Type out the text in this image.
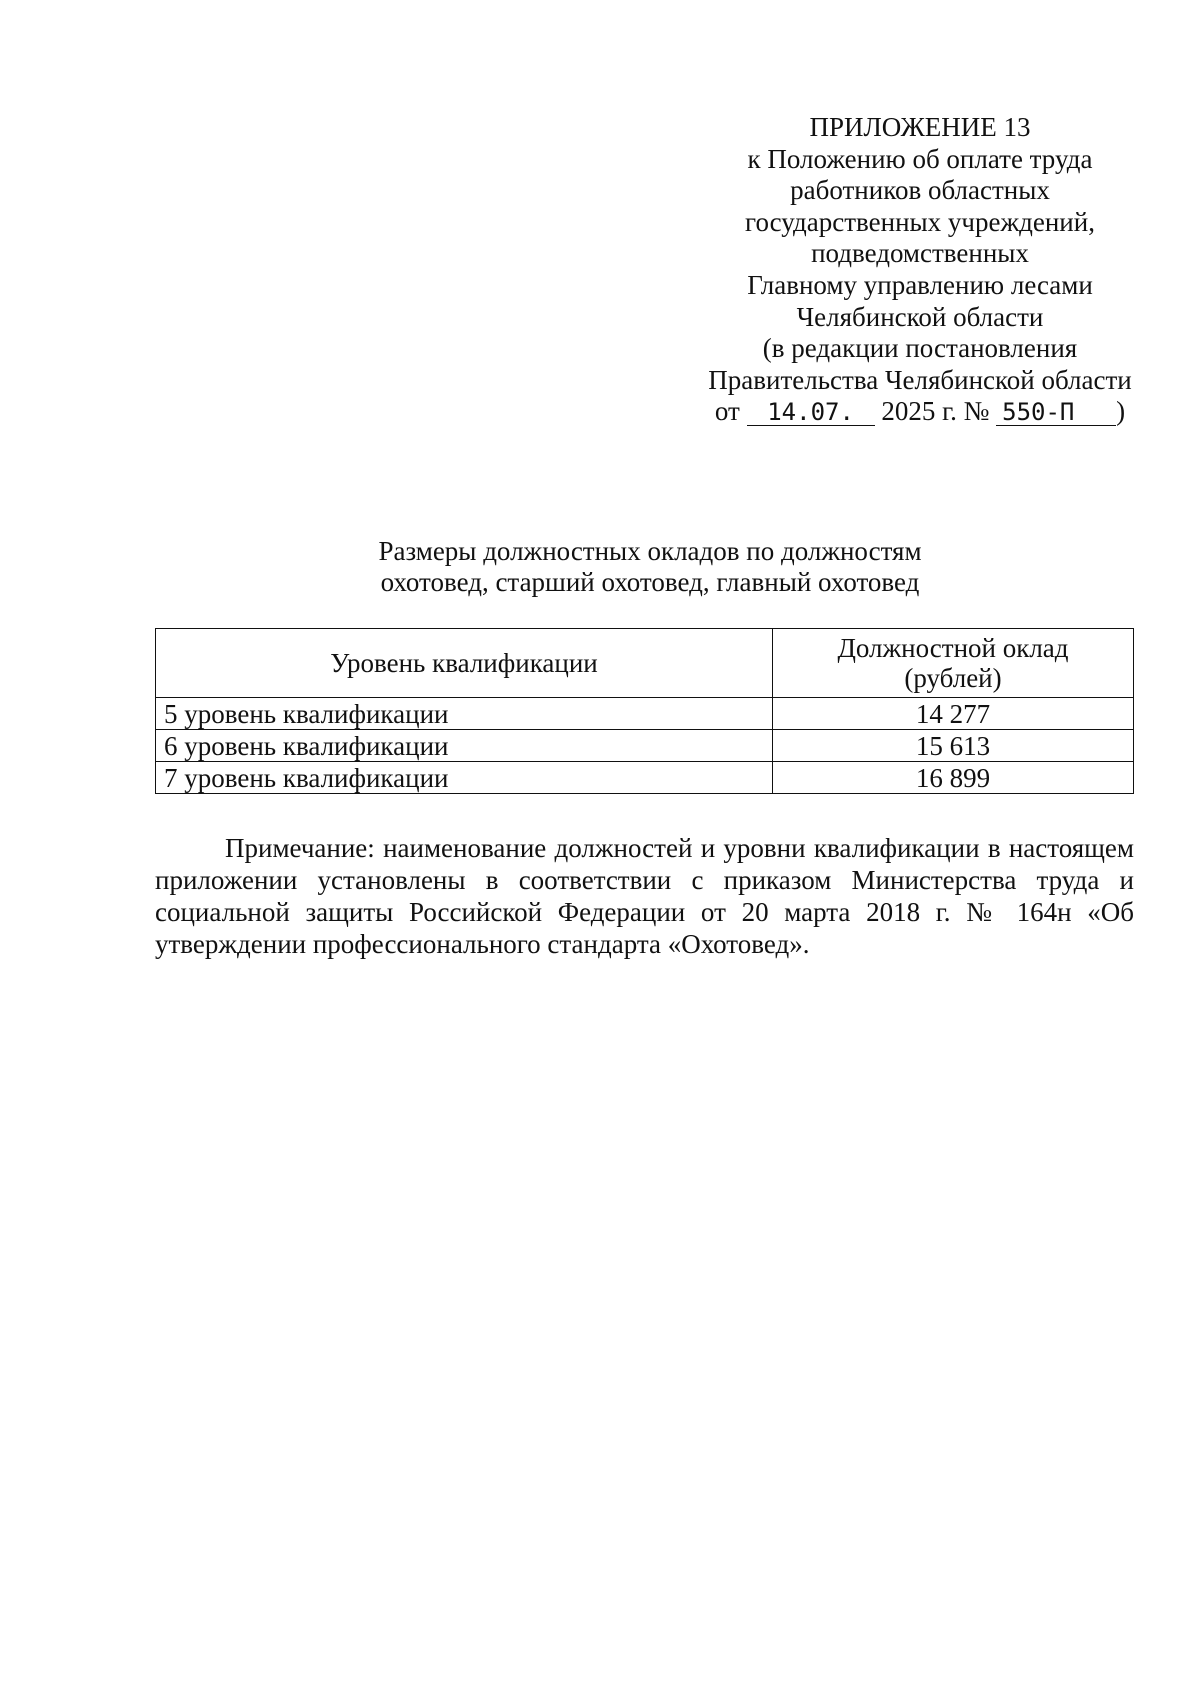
ПРИЛОЖЕНИЕ 13
к Положению об оплате труда
работников областных
государственных учреждений,
подведомственных
Главному управлению лесами
Челябинской области
(в редакции постановления
Правительства Челябинской области
от 14.07. 2025 г. № 550-П )
Размеры должностных окладов по должностям
охотовед, старший охотовед, главный охотовед
Уровень квалификации	Должностной оклад
(рублей)
5 уровень квалификации	14 277
6 уровень квалификации	15 613
7 уровень квалификации	16 899

Примечание: наименование должностей и уровни квалификации в настоящем приложении установлены в соответствии с приказом Министерства труда и социальной защиты Российской Федерации от 20 марта 2018 г. № 164н «Об утверждении профессионального стандарта «Охотовед».
